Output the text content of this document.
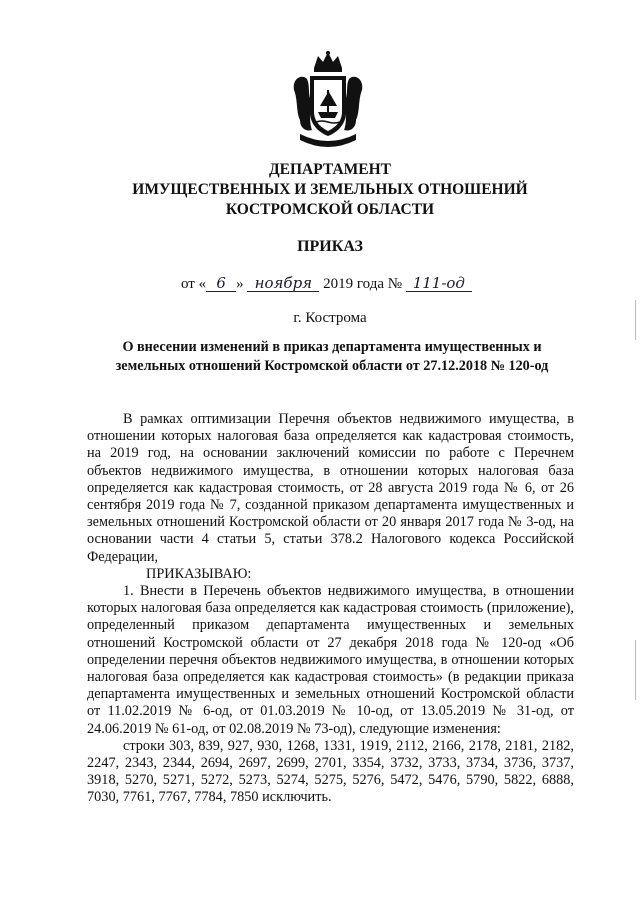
ДЕПАРТАМЕНТ
ИМУЩЕСТВЕННЫХ И ЗЕМЕЛЬНЫХ ОТНОШЕНИЙ
КОСТРОМСКОЙ ОБЛАСТИ
ПРИКАЗ
от « 6 » ноября 2019 года № 111-од
г. Кострома
О внесении изменений в приказ департамента имущественных и
земельных отношений Костромской области от 27.12.2018 № 120-од

В рамках оптимизации Перечня объектов недвижимого имущества, в отношении которых налоговая база определяется как кадастровая стоимость, на 2019 год, на основании заключений комиссии по работе с Перечнем объектов недвижимого имущества, в отношении которых налоговая база определяется как кадастровая стоимость, от 28 августа 2019 года № 6, от 26 сентября 2019 года № 7, созданной приказом департамента имущественных и земельных отношений Костромской области от 20 января 2017 года № 3-од, на основании части 4 статьи 5, статьи 378.2 Налогового кодекса Российской Федерации,

ПРИКАЗЫВАЮ:

1. Внести в Перечень объектов недвижимого имущества, в отношении которых налоговая база определяется как кадастровая стоимость (приложение), определенный приказом департамента имущественных и земельных отношений Костромской области от 27 декабря 2018 года № 120-од «Об определении перечня объектов недвижимого имущества, в отношении которых налоговая база определяется как кадастровая стоимость» (в редакции приказа департамента имущественных и земельных отношений Костромской области от 11.02.2019 № 6-од, от 01.03.2019 № 10-од, от 13.05.2019 № 31-од, от 24.06.2019 № 61-од, от 02.08.2019 № 73-од), следующие изменения:

строки 303, 839, 927, 930, 1268, 1331, 1919, 2112, 2166, 2178, 2181, 2182, 2247, 2343, 2344, 2694, 2697, 2699, 2701, 3354, 3732, 3733, 3734, 3736, 3737, 3918, 5270, 5271, 5272, 5273, 5274, 5275, 5276, 5472, 5476, 5790, 5822, 6888, 7030, 7761, 7767, 7784, 7850 исключить.
